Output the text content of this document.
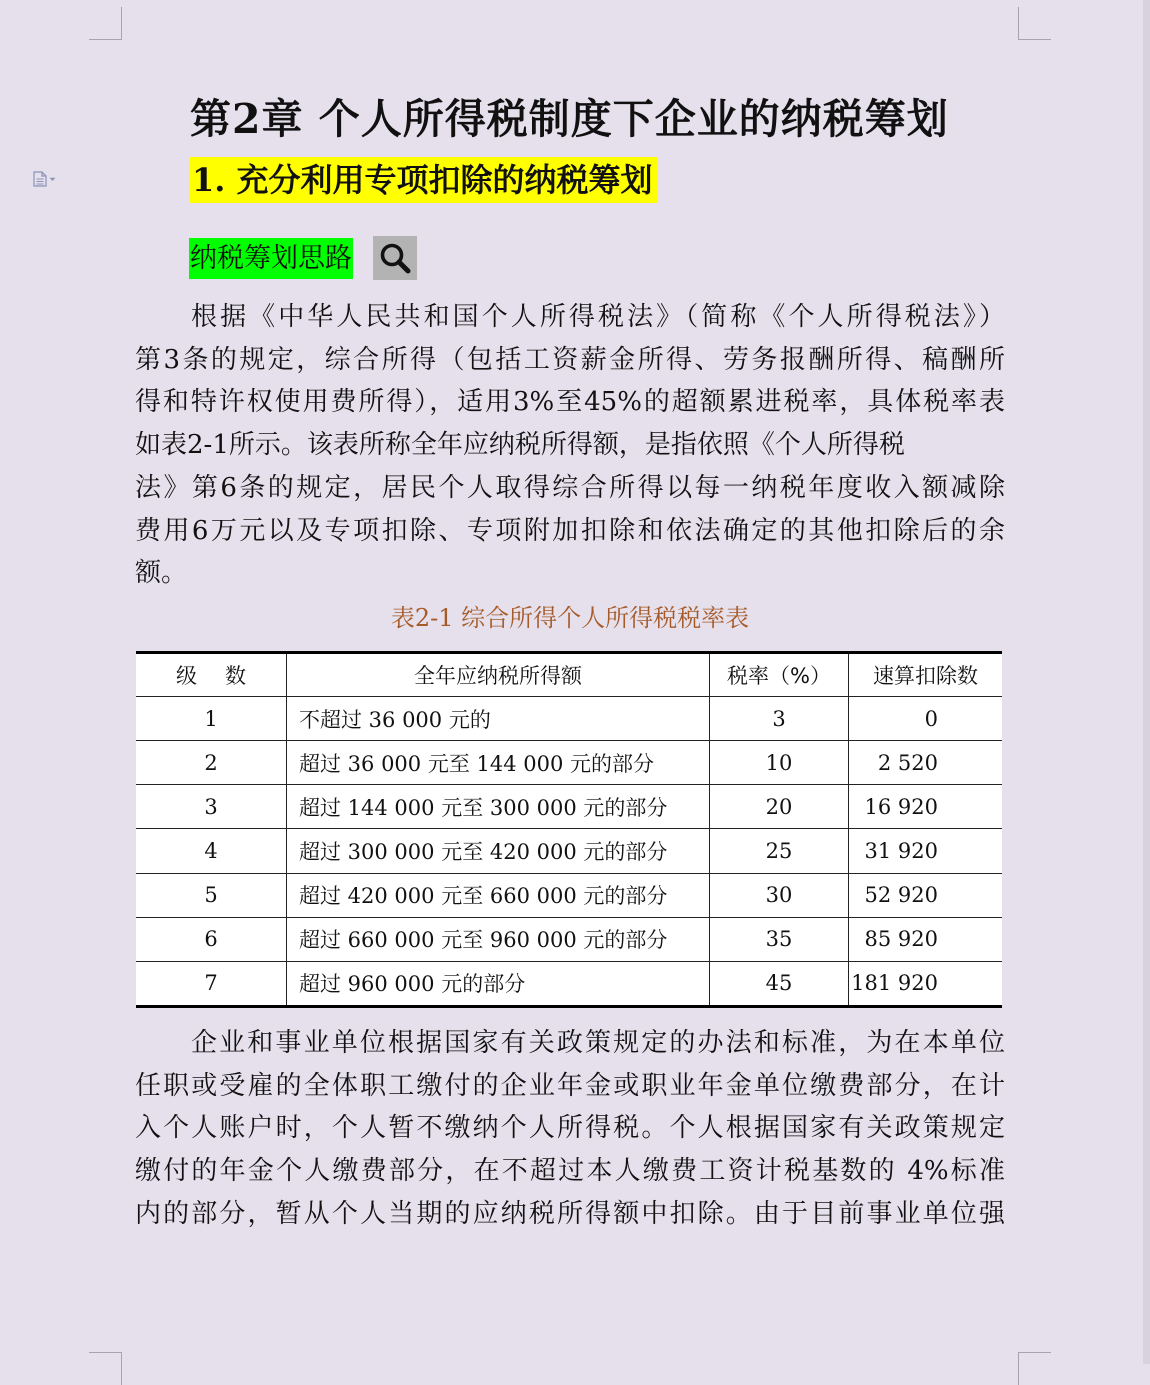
第2章 个人所得税制度下企业的纳税筹划
1. 充分利用专项扣除的纳税筹划
纳税筹划思路

根据《中华人民共和国个人所得税法》（简称《个人所得税法》）
第3条的规定，综合所得（包括工资薪金所得、劳务报酬所得、稿酬所
得和特许权使用费所得），适用3%至45%的超额累进税率，具体税率表
如表2-1所示。该表所称全年应纳税所得额，是指依照《个人所得税
法》第6条的规定，居民个人取得综合所得以每一纳税年度收入额减除
费用6万元以及专项扣除、专项附加扣除和依法确定的其他扣除后的余
额。

表2-1 综合所得个人所得税税率表
级数	全年应纳税所得额	税率（%）	速算扣除数
1	不超过 36 000 元的	3	0
2	超过 36 000 元至 144 000 元的部分	10	2 520
3	超过 144 000 元至 300 000 元的部分	20	16 920
4	超过 300 000 元至 420 000 元的部分	25	31 920
5	超过 420 000 元至 660 000 元的部分	30	52 920
6	超过 660 000 元至 960 000 元的部分	35	85 920
7	超过 960 000 元的部分	45	181 920

企业和事业单位根据国家有关政策规定的办法和标准，为在本单位
任职或受雇的全体职工缴付的企业年金或职业年金单位缴费部分，在计
入个人账户时，个人暂不缴纳个人所得税。个人根据国家有关政策规定
缴付的年金个人缴费部分，在不超过本人缴费工资计税基数的 4%标准
内的部分，暂从个人当期的应纳税所得额中扣除。由于目前事业单位强
